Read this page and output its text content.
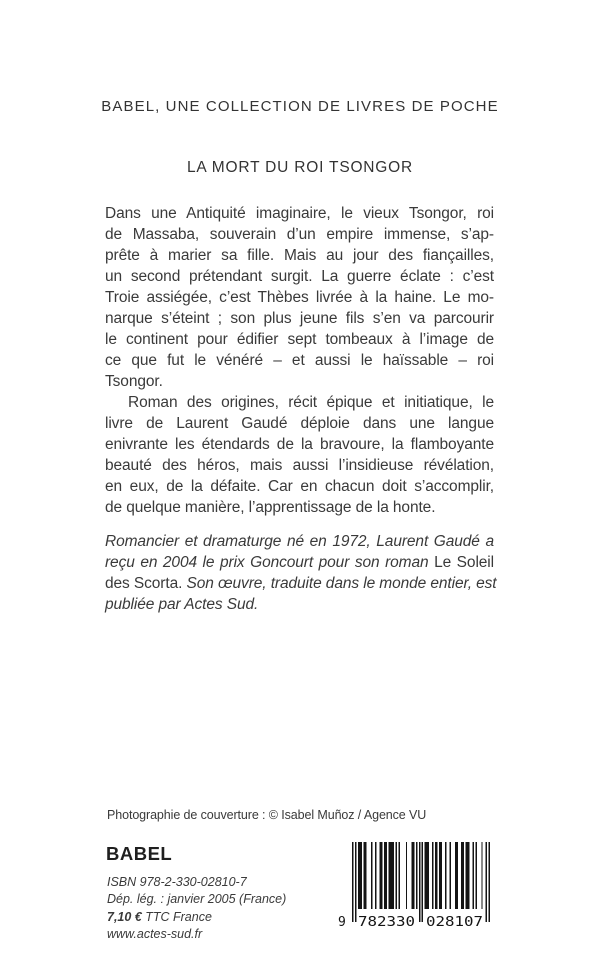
BABEL, UNE COLLECTION DE LIVRES DE POCHE
LA MORT DU ROI TSONGOR
Dans une Antiquité imaginaire, le vieux Tsongor, roi
de Massaba, souverain d’un empire immense, s’ap-
prête à marier sa fille. Mais au jour des fiançailles,
un second prétendant surgit. La guerre éclate : c’est
Troie assiégée, c’est Thèbes livrée à la haine. Le mo-
narque s’éteint ; son plus jeune fils s’en va parcourir
le continent pour édifier sept tombeaux à l’image de
ce que fut le vénéré – et aussi le haïssable – roi
Tsongor.
Roman des origines, récit épique et initiatique, le
livre de Laurent Gaudé déploie dans une langue
enivrante les étendards de la bravoure, la flamboyante
beauté des héros, mais aussi l’insidieuse révélation,
en eux, de la défaite. Car en chacun doit s’accomplir,
de quelque manière, l’apprentissage de la honte.
Romancier et dramaturge né en 1972, Laurent Gaudé a
reçu en 2004 le prix Goncourt pour son roman Le Soleil
des Scorta. Son œuvre, traduite dans le monde entier, est
publiée par Actes Sud.
Photographie de couverture : © Isabel Muñoz / Agence VU
BABEL
ISBN 978-2-330-02810-7
Dép. lég. : janvier 2005 (France)
7,10 € TTC France
www.actes-sud.fr
9 782330 028107
